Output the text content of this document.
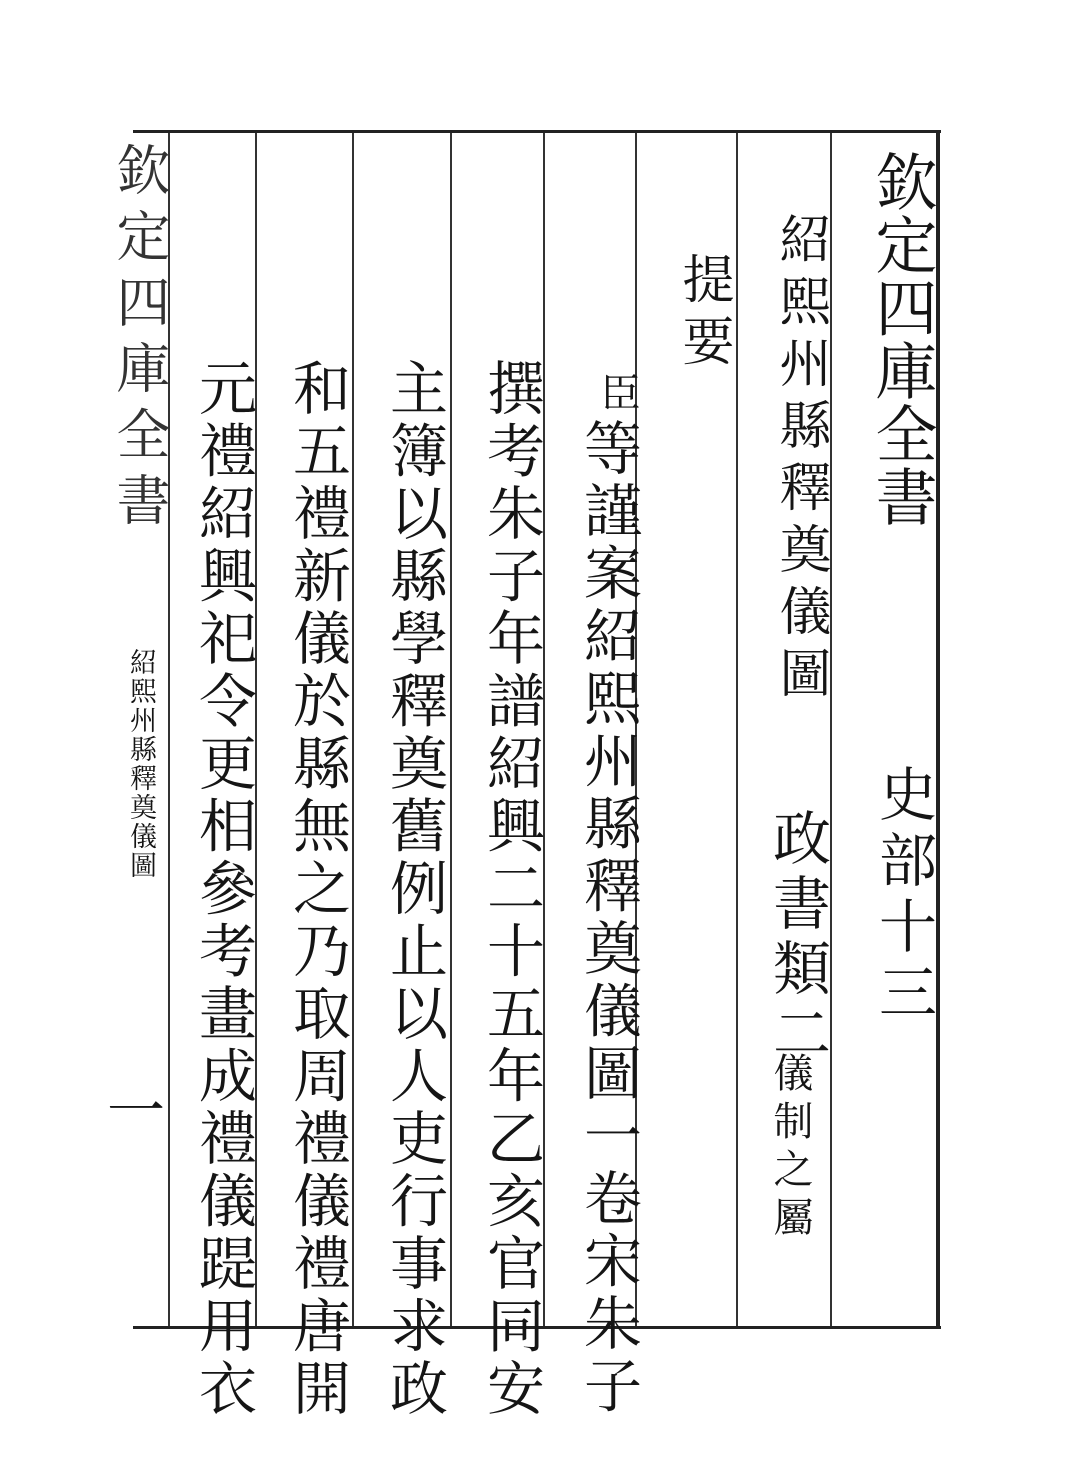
欽定四庫全書
史部十三
紹熙州縣釋奠儀圖
政書類二
儀制之屬
提要
臣
等謹案紹熙州縣釋奠儀圖一卷宋朱子
撰考朱子年譜紹興二十五年乙亥官同安
主簿以縣學釋奠舊例止以人吏行事求政
和五禮新儀於縣無之乃取周禮儀禮唐開
元禮紹興祀令更相參考畫成禮儀踶用衣
欽定四庫全書
紹熙州縣釋奠儀圖
一
